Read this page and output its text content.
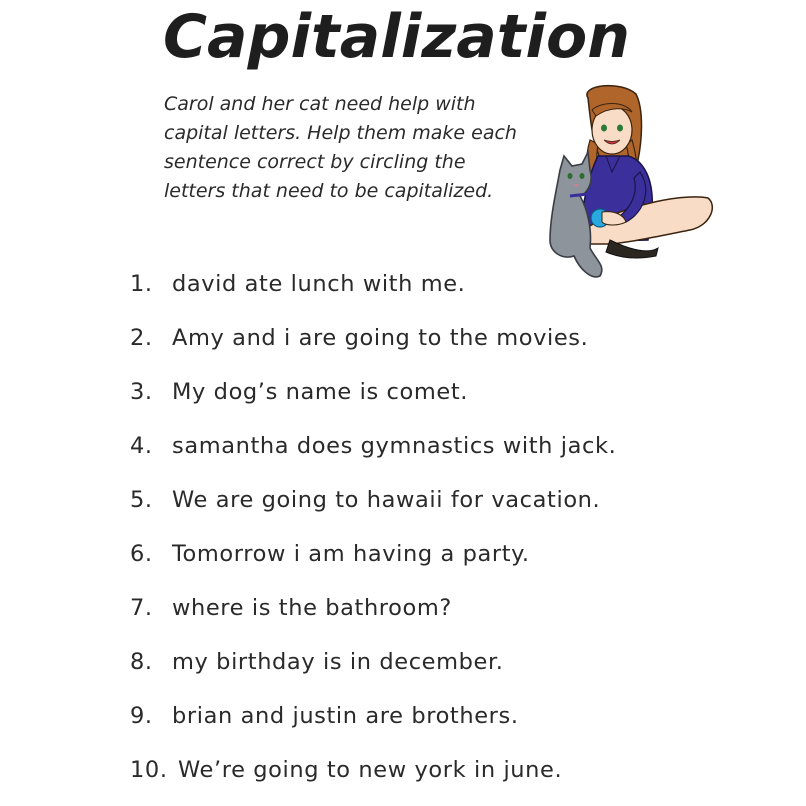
Capitalization
Carol and her cat need help with
capital letters. Help them make each
sentence correct by circling the
letters that need to be capitalized.
1. david ate lunch with me.
2. Amy and i are going to the movies.
3. My dog’s name is comet.
4. samantha does gymnastics with jack.
5. We are going to hawaii for vacation.
6. Tomorrow i am having a party.
7. where is the bathroom?
8. my birthday is in december.
9. brian and justin are brothers.
10. We’re going to new york in june.
